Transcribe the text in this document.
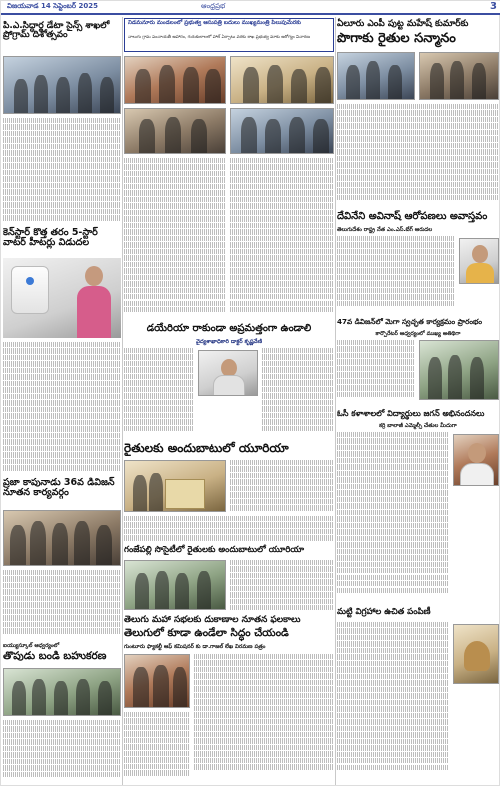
విజయవాడ 14 సెప్టెంబర్ 2025	ఆంధ్రప్రభ	3
పి.ఎ.సిద్ధార్థ డేటా సైన్స్ శాఖలో ప్రోగ్రామ్ దిశోత్సవం
కెన్‌స్టార్ కొత్త తరం 5-స్టార్ వాటర్ హీటర్లు విడుదల
ప్రజా కాపునాడు 36వ డివిజన్ నూతన కార్యవర్గం
ఐయ్యుస్కూల్ ఆధ్వర్యంలో
తొపుడు బండి బహుకరణ
నిడమనూరు మండలంలో ప్రభుత్వ ఆసుపత్రి బదులు ముఖ్యమంత్రి పిలుపుమేరకు
నాలుగు గ్రామ పంచాయతీ ఆహారం, గురుకులాలలో హాల్ ఏర్పాటు వరకు శాఖ ప్రభుత్వ మాకు ఆరోగ్యం విచారణ
డయేరియా రాకుండా అప్రమత్తంగా ఉండాలి
వైద్యశాఖాధికారి డాక్టర్ కృష్ణవేణి
రైతులకు అందుబాటులో యూరియా
గంజేపల్లి సొసైటీలో రైతులకు అందుబాటులో యూరియా
తెలుగు మహా సభలకు దుకాణాల నూతన ఫలకాలు
తెలుగులో కూడా ఉండేలా సిద్ధం చేయండి
గుంటూరు ఫ్యాకల్టీ ఆఫ్ కమిషనర్ కు డా.గాజల్ లేఖ విరమణ పత్రం
ఏలూరు ఎంపీ పుట్ట మహేష్ కుమార్‌కు
పొగాకు రైతుల సన్మానం
దేవినేని అవినాష్ ఆరోపణలు అవాస్తవం
తెలుగుదేశం రాష్ట్ర నేత ఎం.ఎస్.బేగ్ ఆరుదల
47వ డివిజన్‌లో మెగా స్వచ్ఛత కార్యక్రమం ప్రారంభం
కార్పొరేటర్ ఆధ్వర్యంలో ముఖ్య అతిథిగా
ఓసీ కళాశాలలో విద్యార్థులు జగన్‌ అభినందనలు
కర్రి బాలాజీ ఎమ్మెల్సీ చేతుల మీదుగా
మట్టి విగ్రహాల ఉచిత పంపిణీ
